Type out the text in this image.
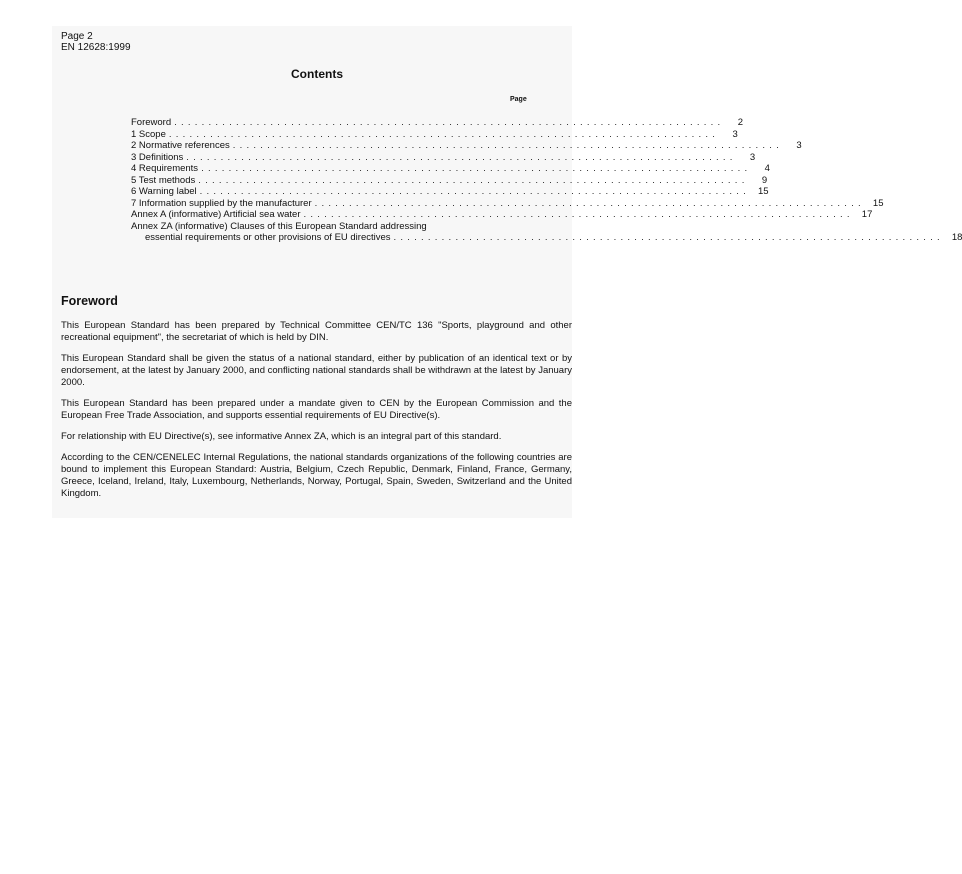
Page 2
EN 12628:1999
Contents
Page
Foreword . . . . . . . . . . . . . . . . . . . . . . . . . . . . . . . . . . . . . . . . . . . . . . . . . . . . . . . . . . . . . . . . . . . . . . . . . . . . . . . .	2
1 Scope . . . . . . . . . . . . . . . . . . . . . . . . . . . . . . . . . . . . . . . . . . . . . . . . . . . . . . . . . . . . . . . . . . . . . . . . . . . . . . . .	3
2 Normative references . . . . . . . . . . . . . . . . . . . . . . . . . . . . . . . . . . . . . . . . . . . . . . . . . . . . . . . . . . . . . . . . . . . . . . . . . . . . . . . .	3
3 Definitions . . . . . . . . . . . . . . . . . . . . . . . . . . . . . . . . . . . . . . . . . . . . . . . . . . . . . . . . . . . . . . . . . . . . . . . . . . . . . . . .	3
4 Requirements . . . . . . . . . . . . . . . . . . . . . . . . . . . . . . . . . . . . . . . . . . . . . . . . . . . . . . . . . . . . . . . . . . . . . . . . . . . . . . . .	4
5 Test methods . . . . . . . . . . . . . . . . . . . . . . . . . . . . . . . . . . . . . . . . . . . . . . . . . . . . . . . . . . . . . . . . . . . . . . . . . . . . . . . .	9
6 Warning label . . . . . . . . . . . . . . . . . . . . . . . . . . . . . . . . . . . . . . . . . . . . . . . . . . . . . . . . . . . . . . . . . . . . . . . . . . . . . . . .	15
7 Information supplied by the manufacturer . . . . . . . . . . . . . . . . . . . . . . . . . . . . . . . . . . . . . . . . . . . . . . . . . . . . . . . . . . . . . . . . . . . . . . . . . . . . . . . .	15
Annex A (informative) Artificial sea water . . . . . . . . . . . . . . . . . . . . . . . . . . . . . . . . . . . . . . . . . . . . . . . . . . . . . . . . . . . . . . . . . . . . . . . . . . . . . . . .	17
Annex ZA (informative) Clauses of this European Standard addressing
essential requirements or other provisions of EU directives . . . . . . . . . . . . . . . . . . . . . . . . . . . . . . . . . . . . . . . . . . . . . . . . . . . . . . . . . . . . . . . . . . . . . . . . . . . . . . . .	18
Foreword

This European Standard has been prepared by Technical Committee CEN/TC 136 "Sports, playground and other recreational equipment", the secretariat of which is held by DIN.

This European Standard shall be given the status of a national standard, either by publication of an identical text or by endorsement, at the latest by January 2000, and conflicting national standards shall be withdrawn at the latest by January 2000.

This European Standard has been prepared under a mandate given to CEN by the European Commission and the European Free Trade Association, and supports essential requirements of EU Directive(s).

For relationship with EU Directive(s), see informative Annex ZA, which is an integral part of this standard.

According to the CEN/CENELEC Internal Regulations, the national standards organizations of the following countries are bound to implement this European Standard: Austria, Belgium, Czech Republic, Denmark, Finland, France, Germany, Greece, Iceland, Ireland, Italy, Luxembourg, Netherlands, Norway, Portugal, Spain, Sweden, Switzerland and the United Kingdom.
